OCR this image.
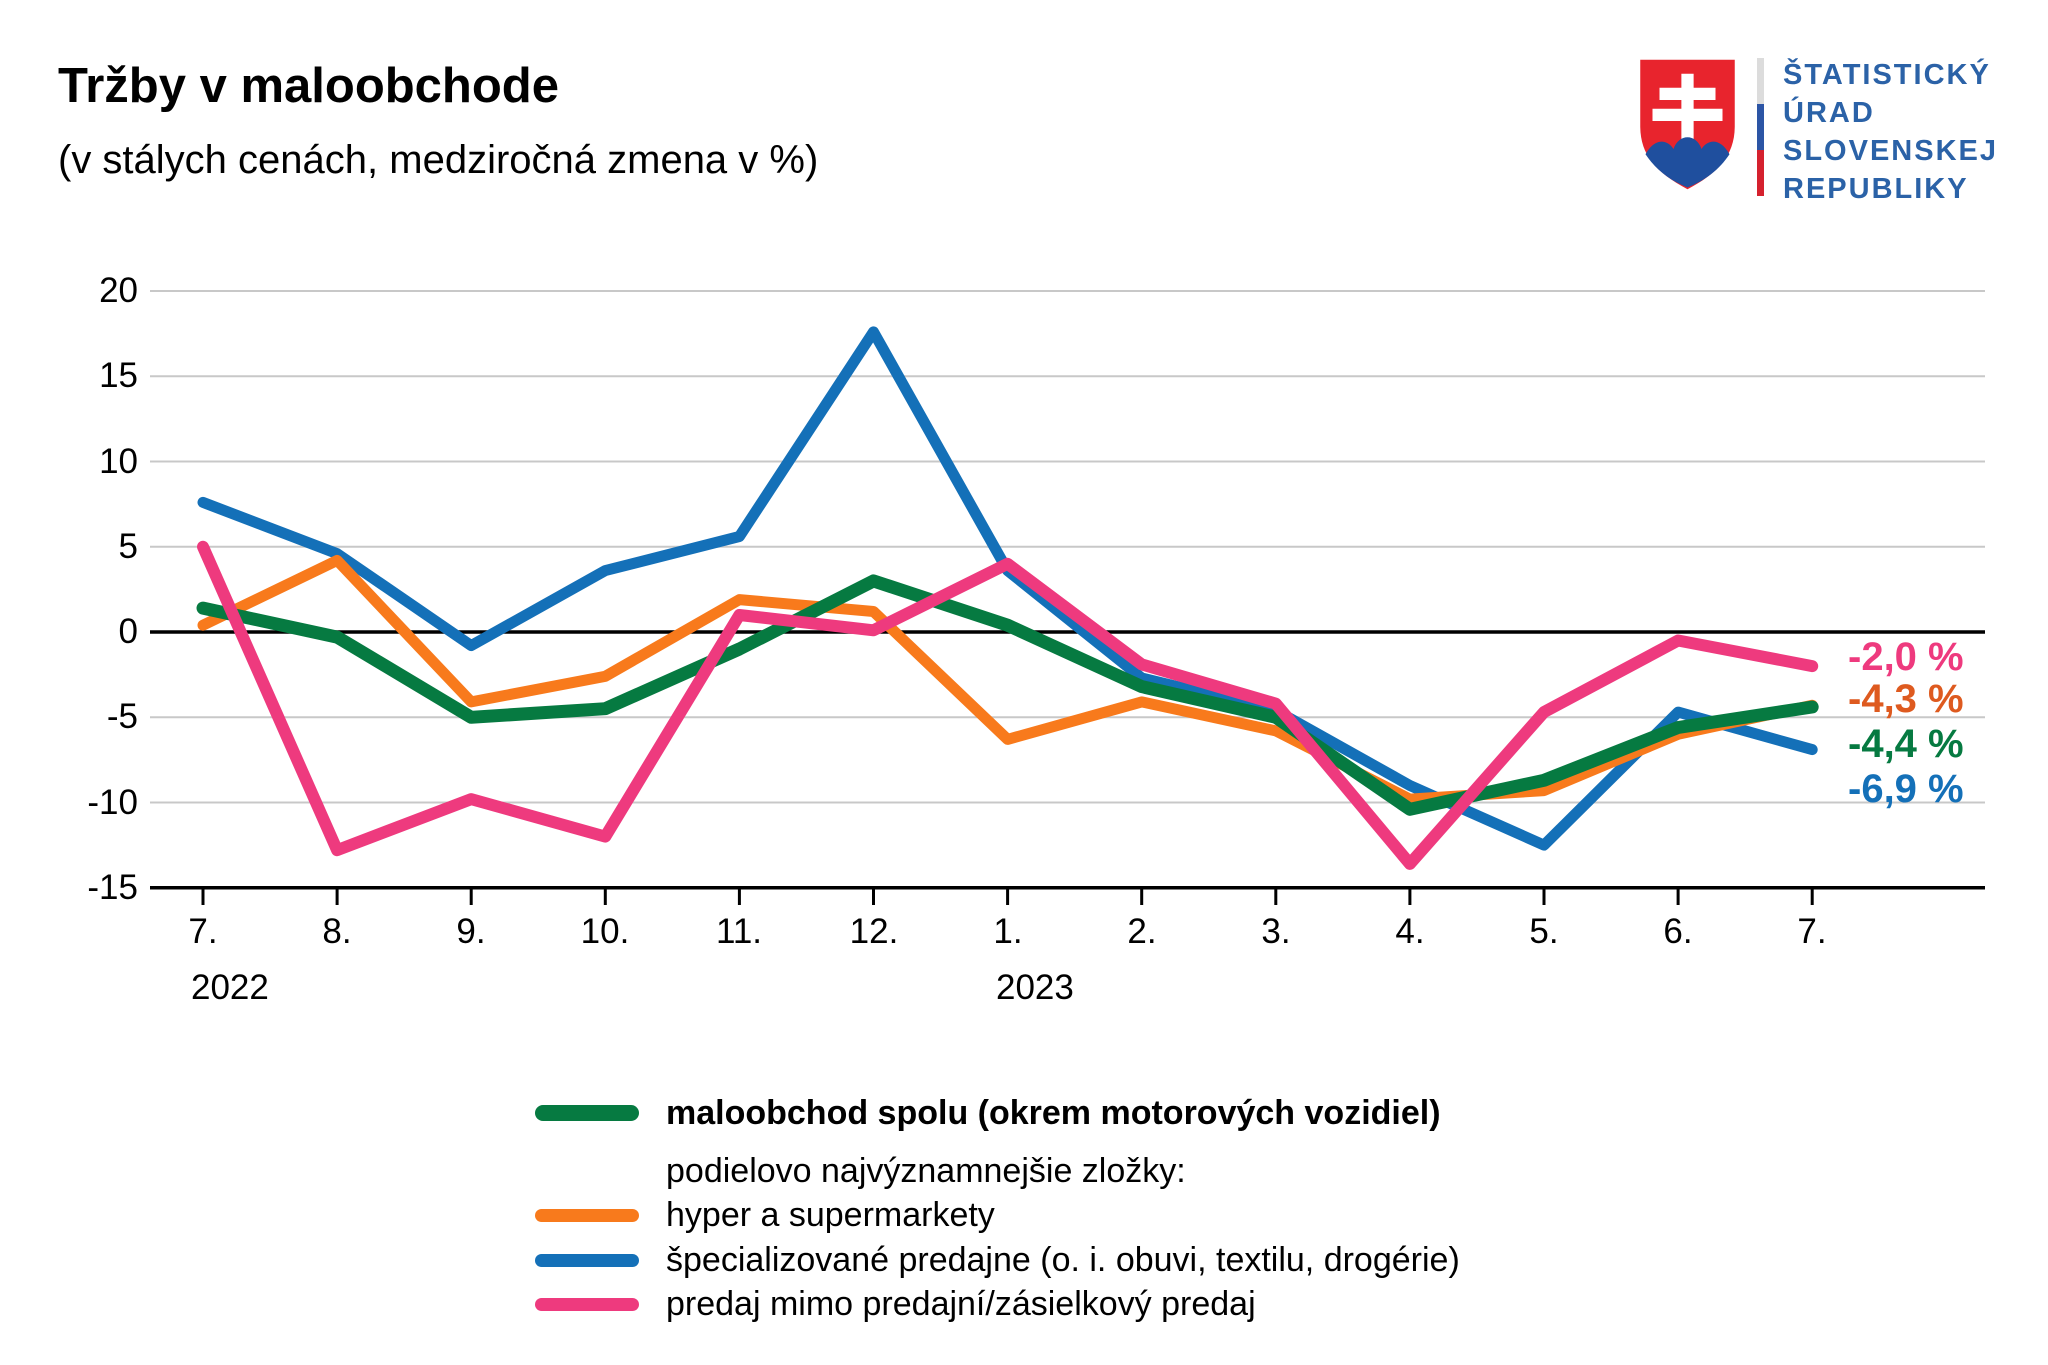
Tržby v maloobchode
(v stálych cenách, medziročná zmena v %)
ŠTATISTICKÝ
ÚRAD
SLOVENSKEJ
REPUBLIKY
-2,0 %
-4,3 %
-4,4 %
-6,9 %
20
15
10
5
0
-5
-10
-15
7.	8.	9.	10.	11.	12.	1.	2.	3.	4.	5.	6.	7.
2022	2023
maloobchod spolu (okrem motorových vozidiel)
podielovo najvýznamnejšie zložky:
hyper a supermarkety
špecializované predajne (o. i. obuvi, textilu, drogérie)
predaj mimo predajní/zásielkový predaj
